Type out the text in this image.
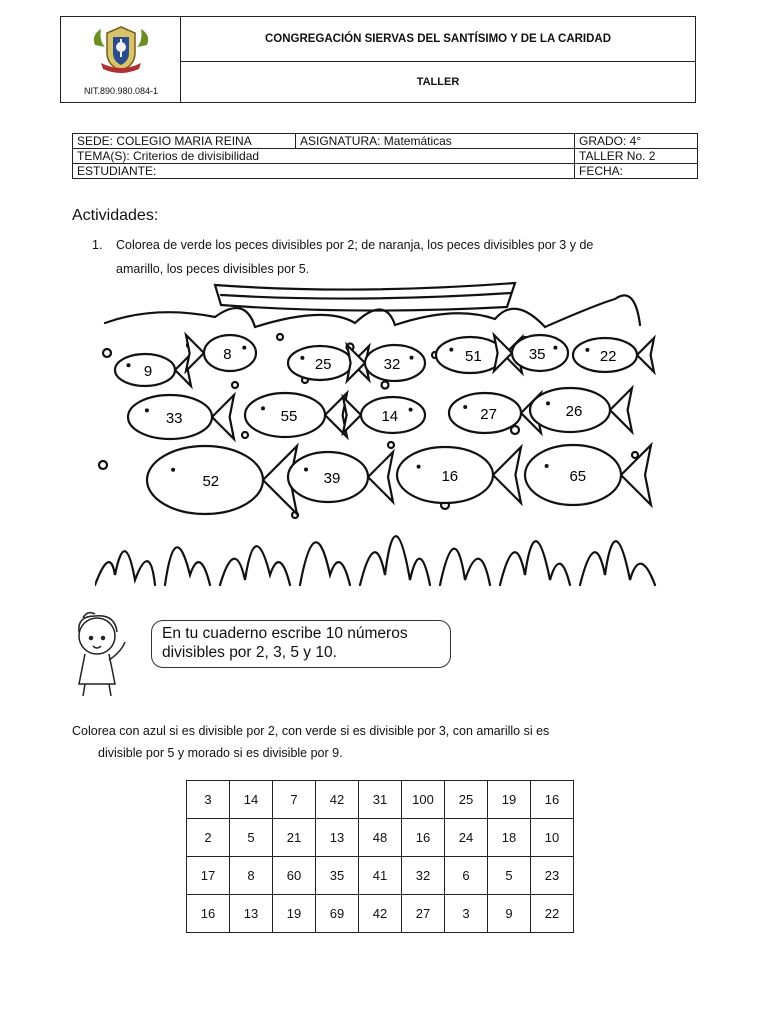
NIT.890.980.084-1
CONGREGACIÓN SIERVAS DEL SANTÍSIMO Y DE LA CARIDAD
TALLER
SEDE: COLEGIO MARIA REINA	ASIGNATURA: Matemáticas	GRADO: 4°
TEMA(S): Criterios de divisibilidad		TALLER No. 2
ESTUDIANTE:		FECHA:
Actividades:
1. Colorea de verde los peces divisibles por 2; de naranja, los peces divisibles por 3 y de
amarillo, los peces divisibles por 5.
9
8
25	32	51	35	22
33	55	14	27	26
52	39	16	65
En tu cuaderno escribe 10 números
divisibles por 2, 3, 5 y 10.
Colorea con azul si es divisible por 2, con verde si es divisible por 3, con amarillo si es
divisible por 5 y morado si es divisible por 9.
3	14	7	42	31	100	25	19	16
2	5	21	13	48	16	24	18	10
17	8	60	35	41	32	6	5	23
16	13	19	69	42	27	3	9	22
